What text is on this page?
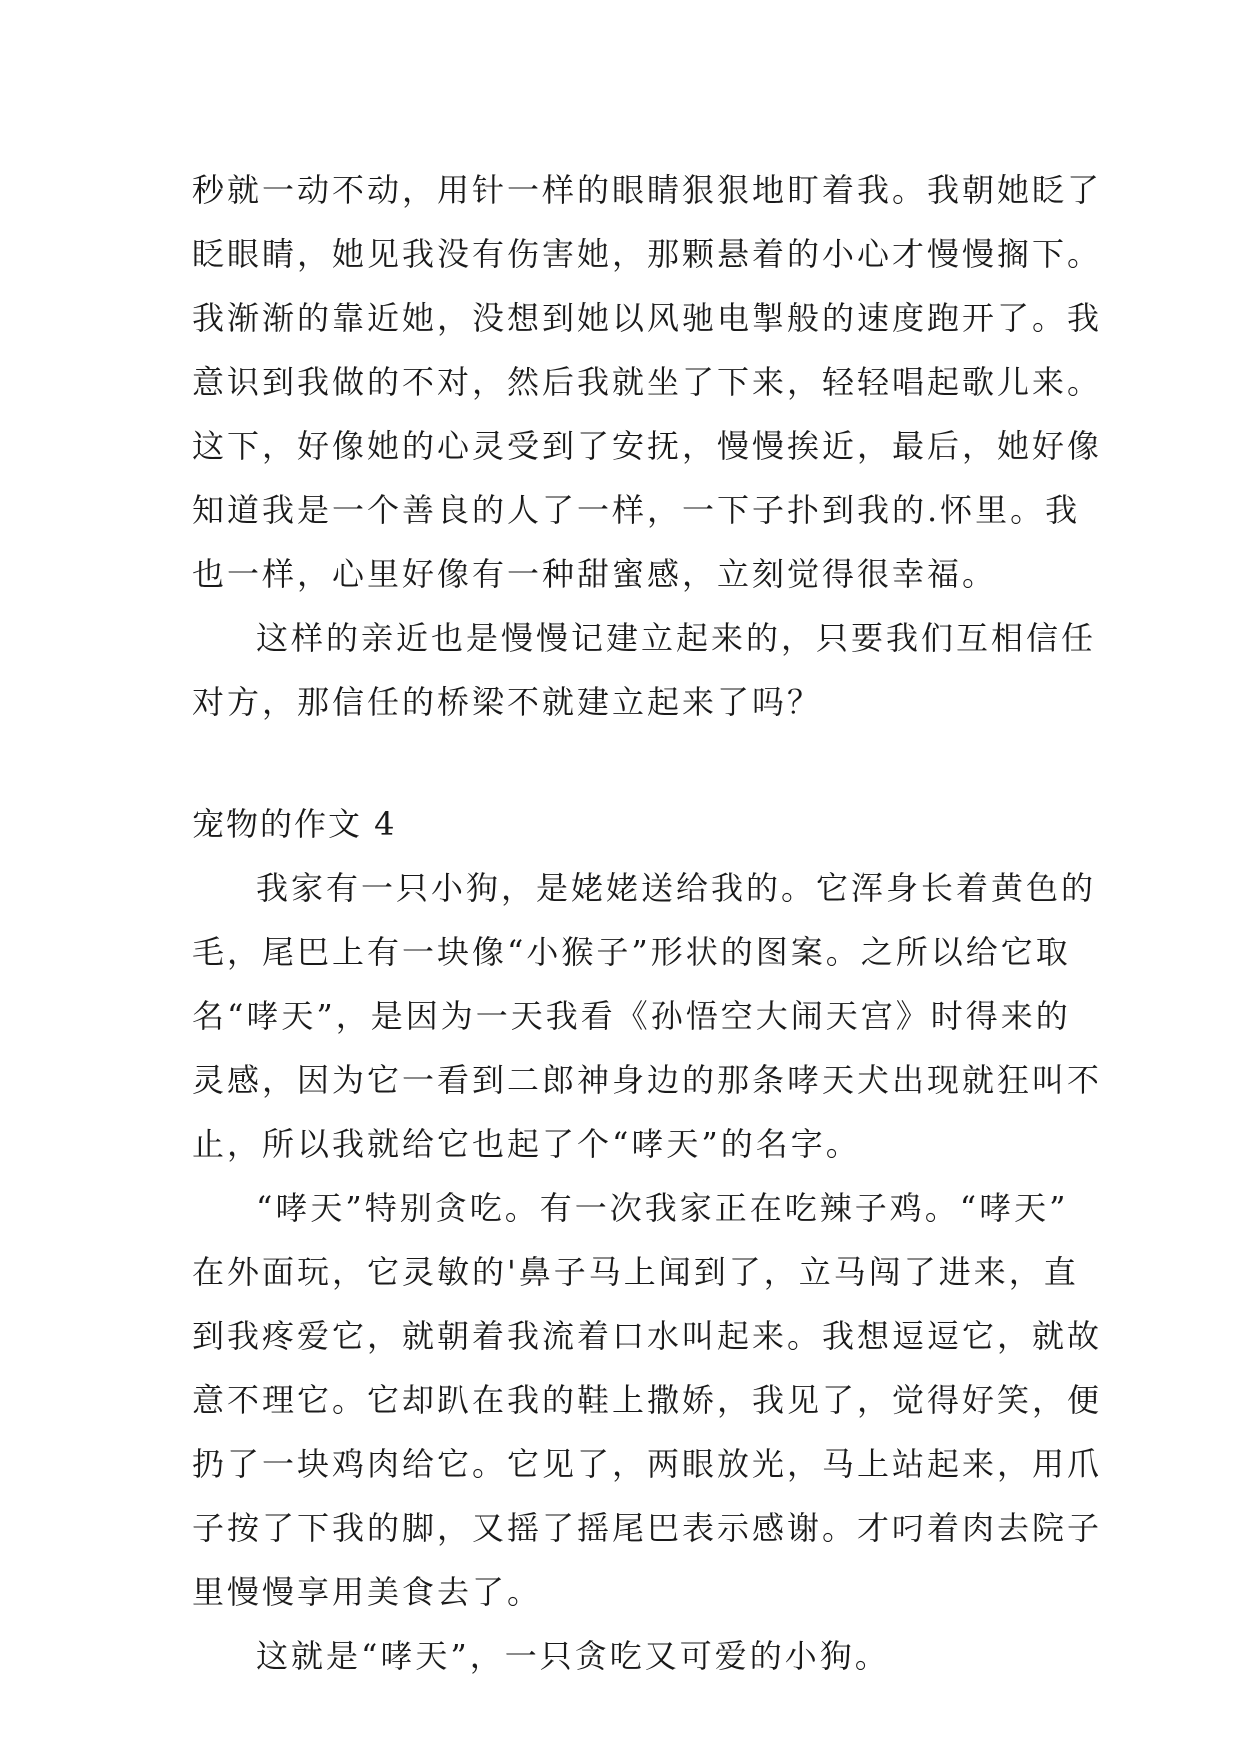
秒就一动不动，用针一样的眼睛狠狠地盯着我。我朝她眨了
眨眼睛，她见我没有伤害她，那颗悬着的小心才慢慢搁下。
我渐渐的靠近她，没想到她以风驰电掣般的速度跑开了。我
意识到我做的不对，然后我就坐了下来，轻轻唱起歌儿来。
这下，好像她的心灵受到了安抚，慢慢挨近，最后，她好像
知道我是一个善良的人了一样，一下子扑到我的.怀里。我
也一样，心里好像有一种甜蜜感，立刻觉得很幸福。
这样的亲近也是慢慢记建立起来的，只要我们互相信任
对方，那信任的桥梁不就建立起来了吗？
宠物的作文 4
我家有一只小狗，是姥姥送给我的。它浑身长着黄色的
毛，尾巴上有一块像“小猴子”形状的图案。之所以给它取
名“哮天”，是因为一天我看《孙悟空大闹天宫》时得来的
灵感，因为它一看到二郎神身边的那条哮天犬出现就狂叫不
止，所以我就给它也起了个“哮天”的名字。
“哮天”特别贪吃。有一次我家正在吃辣子鸡。“哮天”
在外面玩，它灵敏的'鼻子马上闻到了，立马闯了进来，直
到我疼爱它，就朝着我流着口水叫起来。我想逗逗它，就故
意不理它。它却趴在我的鞋上撒娇，我见了，觉得好笑，便
扔了一块鸡肉给它。它见了，两眼放光，马上站起来，用爪
子按了下我的脚，又摇了摇尾巴表示感谢。才叼着肉去院子
里慢慢享用美食去了。
这就是“哮天”，一只贪吃又可爱的小狗。
